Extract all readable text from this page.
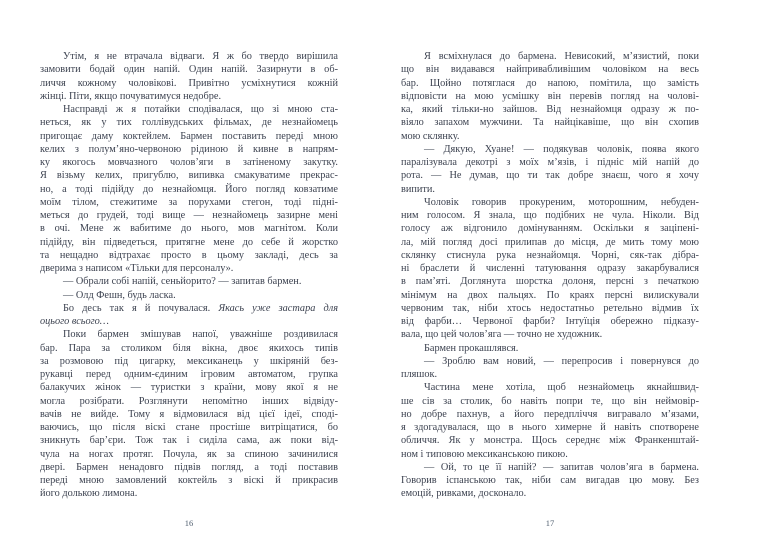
Утім, я не втрачала відваги. Я ж бо твердо вирішила
замовити бодай один напій. Один напій. Зазирнути в об-
личчя кожному чоловікові. Привітно усміхнутися кожній
жінці. Піти, якщо почуватимуся недобре.
Насправді ж я потайки сподівалася, що зі мною ста-
неться, як у тих голлівудських фільмах, де незнайомець
пригощає даму коктейлем. Бармен поставить переді мною
келих з полум’яно-червоною рідиною й кивне в напрям-
ку якогось мовчазного чолов’яги в затіненому закутку.
Я візьму келих, пригублю, випивка смакуватиме прекрас-
но, а тоді підійду до незнайомця. Його погляд ковзатиме
моїм тілом, стежитиме за порухами стегон, тоді підні-
меться до грудей, тоді вище — незнайомець зазирне мені
в очі. Мене ж вабитиме до нього, мов магнітом. Коли
підійду, він підведеться, притягне мене до себе й жорстко
та нещадно відтрахає просто в цьому закладі, десь за
дверима з написом «Тільки для персоналу».
— Обрали собі напій, сеньйорито? — запитав бармен.
— Олд Фешн, будь ласка.
Бо десь так я й почувалася. Якась уже застара для
оцього всього…
Поки бармен змішував напої, уважніше роздивилася
бар. Пара за столиком біля вікна, двоє якихось типів
за розмовою під цигарку, мексиканець у шкіряній без-
рукавці перед одним-єдиним ігровим автоматом, групка
балакучих жінок — туристки з країни, мову якої я не
могла розібрати. Розглянути непомітно інших відвіду-
вачів не вийде. Тому я відмовилася від цієї ідеї, споді-
ваючись, що після віскі стане простіше витріщатися, бо
зникнуть бар’єри. Тож так і сиділа сама, аж поки від-
чула на ногах протяг. Почула, як за спиною зачинилися
двері. Бармен ненадовго підвів погляд, а тоді поставив
переді мною замовлений коктейль з віскі й прикрасив
його долькою лимона.
Я всміхнулася до бармена. Невисокий, м’язистий, поки
що він видавався найпривабливішим чоловіком на весь
бар. Щойно потяглася до напою, помітила, що замість
відповісти на мою усмішку він перевів погляд на чолові-
ка, який тільки-но зайшов. Від незнайомця одразу ж по-
віяло запахом мужчини. Та найцікавіше, що він схопив
мою склянку.
— Дякую, Хуане! — подякував чоловік, поява якого
паралізувала декотрі з моїх м’язів, і підніс мій напій до
рота. — Не думав, що ти так добре знаєш, чого я хочу
випити.
Чоловік говорив прокуреним, моторошним, небуден-
ним голосом. Я знала, що подібних не чула. Ніколи. Від
голосу аж відгонило домінуванням. Оскільки я заціпені-
ла, мій погляд досі прилипав до місця, де мить тому мою
склянку стиснула рука незнайомця. Чорні, сяк-так дібра-
ні браслети й численні татуювання одразу закарбувалися
в пам’яті. Доглянута шорстка долоня, персні з печаткою
мінімум на двох пальцях. По краях персні вилискували
червоним так, ніби хтось недостатньо ретельно відмив їх
від фарби… Червоної фарби? Інтуїція обережно підказу-
вала, що цей чолов’яга — точно не художник.
Бармен прокашлявся.
— Зроблю вам новий, — перепросив і повернувся до
пляшок.
Частина мене хотіла, щоб незнайомець якнайшвид-
ше сів за столик, бо навіть попри те, що він неймовір-
но добре пахнув, а його передпліччя вигравало м’язами,
я здогадувалася, що в нього химерне й навіть спотворене
обличчя. Як у монстра. Щось середнє між Франкенштай-
ном і типовою мексиканською пикою.
— Ой, то це її напій? — запитав чолов’яга в бармена.
Говорив іспанською так, ніби сам вигадав цю мову. Без
емоцій, ривками, досконало.
16	17
